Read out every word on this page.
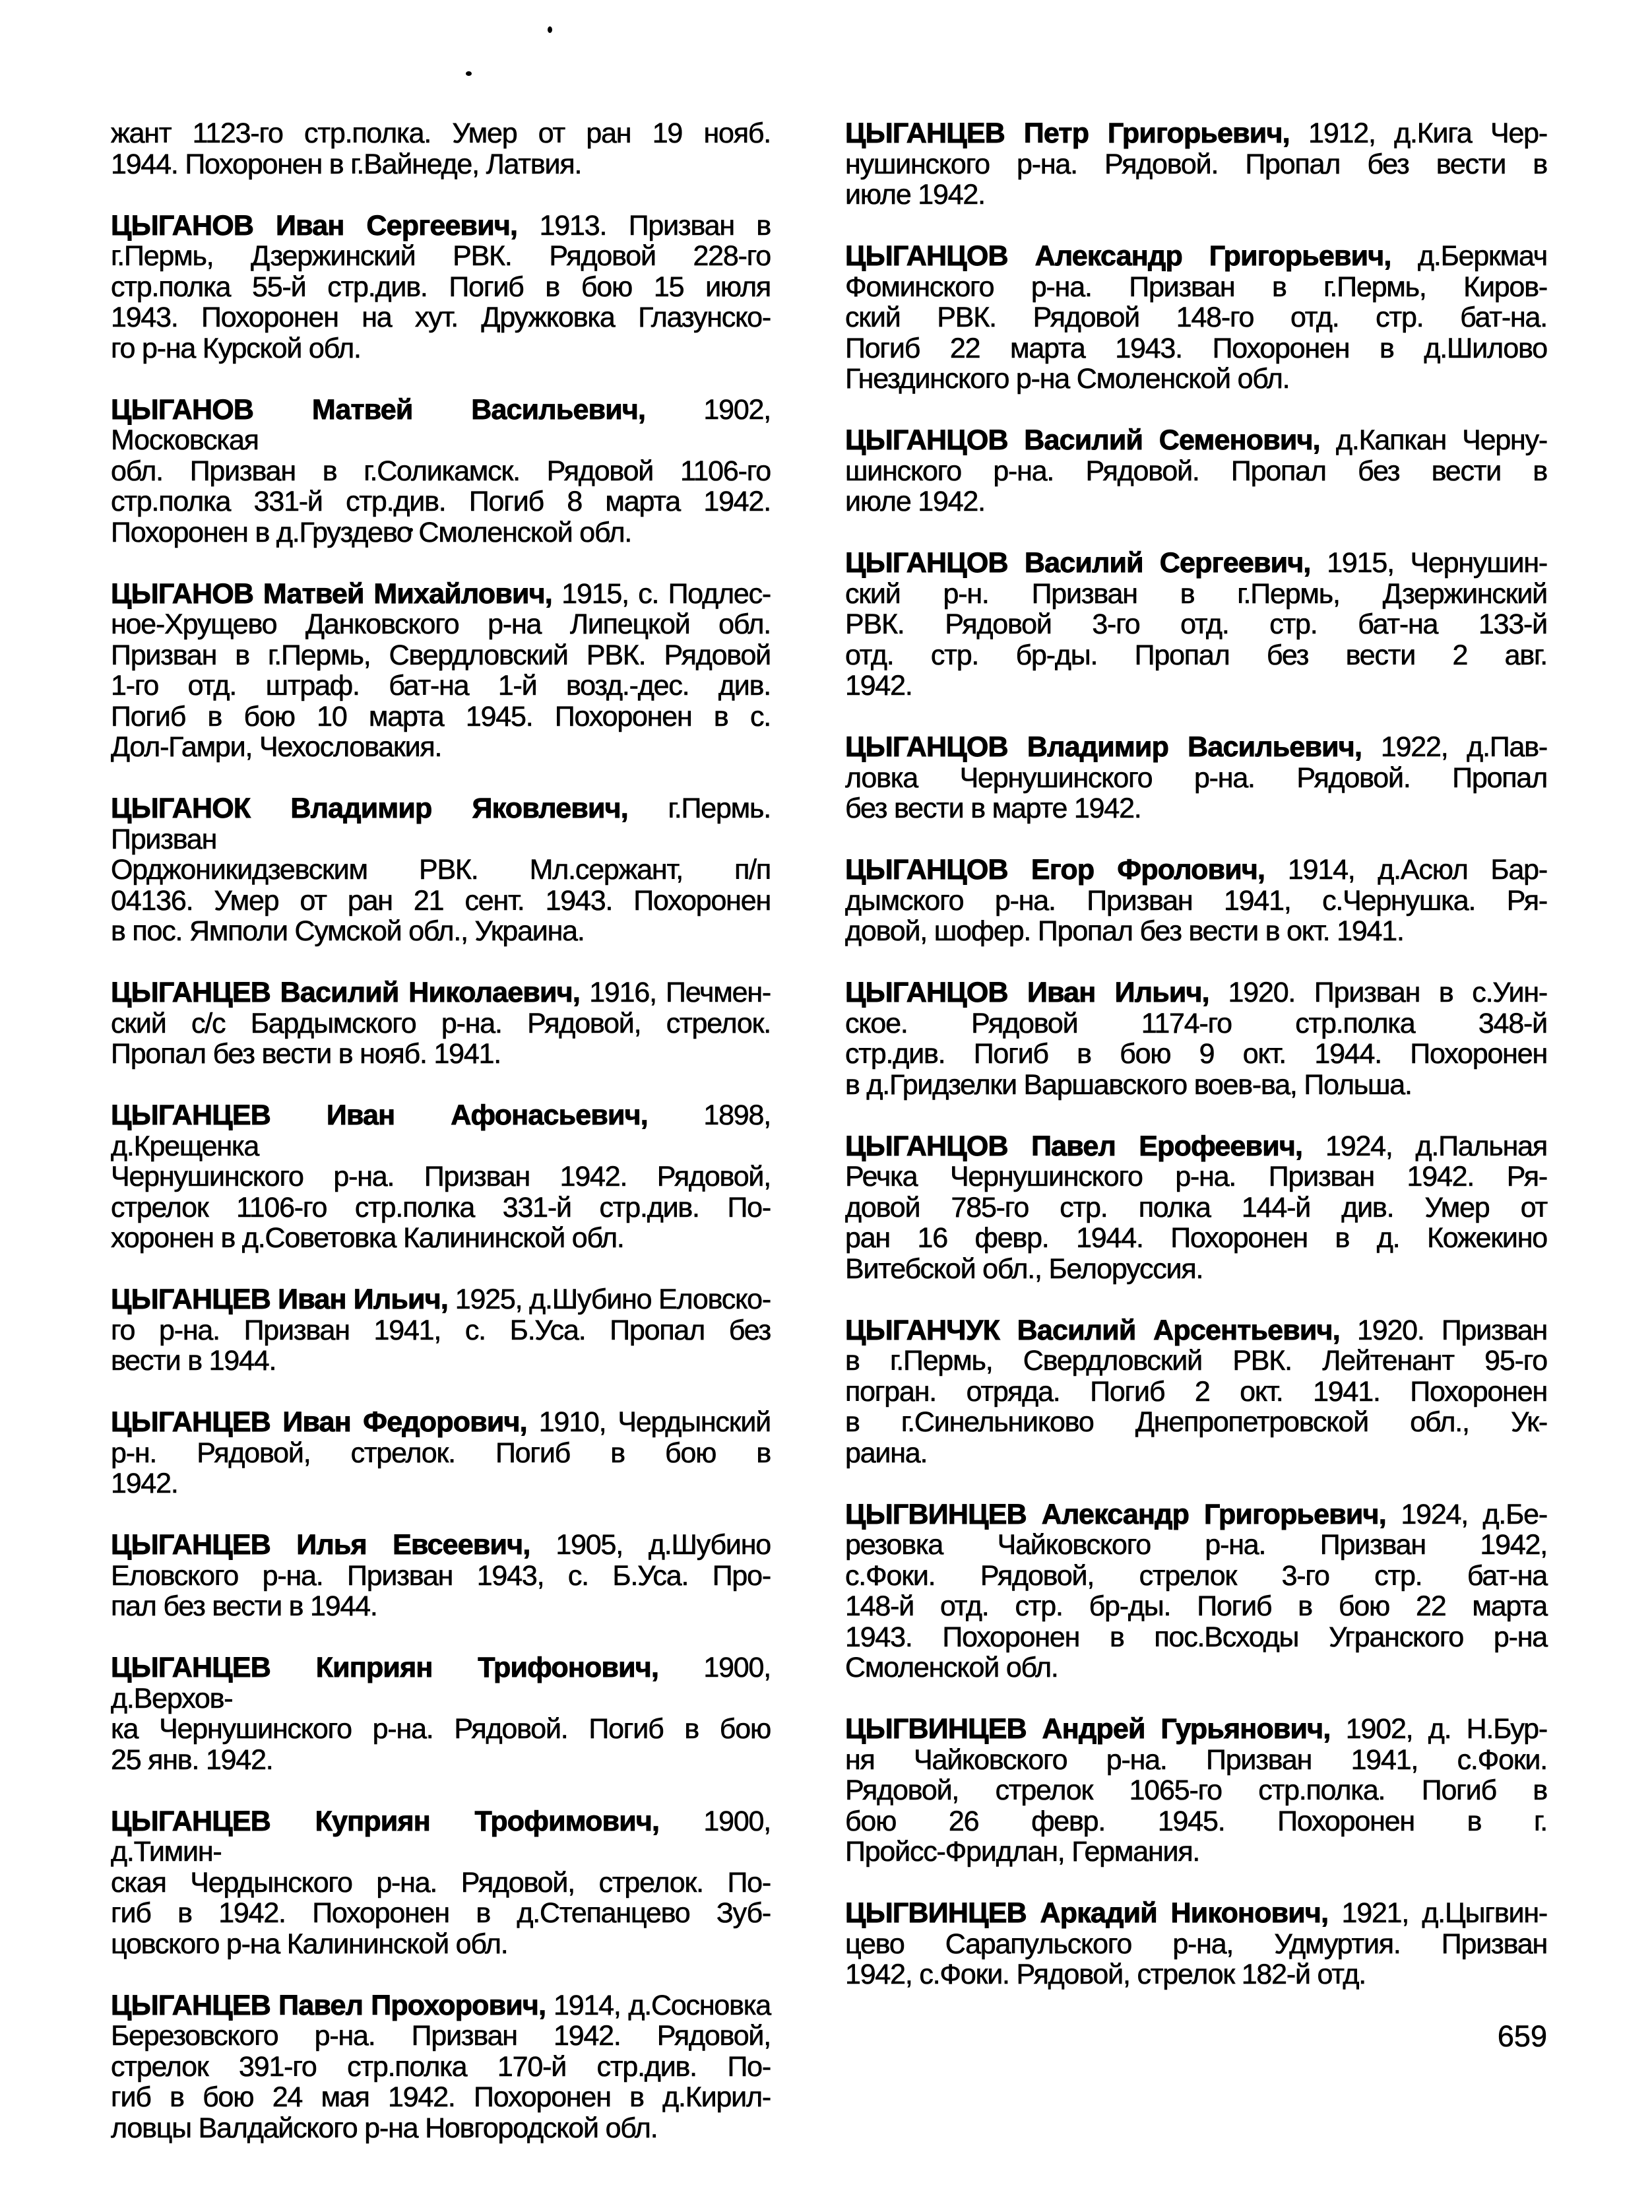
жант 1123-го стр.полка. Умер от ран 19 нояб.
1944. Похоронен в г.Вайнеде, Латвия.
ЦЫГАНОВ Иван Сергеевич, 1913. Призван в
г.Пермь, Дзержинский РВК. Рядовой 228-го
стр.полка 55-й стр.див. Погиб в бою 15 июля
1943. Похоронен на хут. Дружковка Глазунско-
го р-на Курской обл.
ЦЫГАНОВ Матвей Васильевич, 1902, Московская
обл. Призван в г.Соликамск. Рядовой 1106-го
стр.полка 331-й стр.див. Погиб 8 марта 1942.
Похоронен в д.Груздево Смоленской обл.
ЦЫГАНОВ Матвей Михайлович, 1915, с. Подлес-
ное-Хрущево Данковского р-на Липецкой обл.
Призван в г.Пермь, Свердловский РВК. Рядовой
1-го отд. штраф. бат-на 1-й возд.-дес. див.
Погиб в бою 10 марта 1945. Похоронен в с.
Дол-Гамри, Чехословакия.
ЦЫГАНОК Владимир Яковлевич, г.Пермь. Призван
Орджоникидзевским РВК. Мл.сержант, п/п
04136. Умер от ран 21 сент. 1943. Похоронен
в пос. Ямполи Сумской обл., Украина.
ЦЫГАНЦЕВ Василий Николаевич, 1916, Печмен-
ский с/с Бардымского р-на. Рядовой, стрелок.
Пропал без вести в нояб. 1941.
ЦЫГАНЦЕВ Иван Афонасьевич, 1898, д.Крещенка
Чернушинского р-на. Призван 1942. Рядовой,
стрелок 1106-го стр.полка 331-й стр.див. По-
хоронен в д.Советовка Калининской обл.
ЦЫГАНЦЕВ Иван Ильич, 1925, д.Шубино Еловско-
го р-на. Призван 1941, с. Б.Уса. Пропал без
вести в 1944.
ЦЫГАНЦЕВ Иван Федорович, 1910, Чердынский
р-н. Рядовой, стрелок. Погиб в бою в
1942.
ЦЫГАНЦЕВ Илья Евсеевич, 1905, д.Шубино
Еловского р-на. Призван 1943, с. Б.Уса. Про-
пал без вести в 1944.
ЦЫГАНЦЕВ Киприян Трифонович, 1900, д.Верхов-
ка Чернушинского р-на. Рядовой. Погиб в бою
25 янв. 1942.
ЦЫГАНЦЕВ Куприян Трофимович, 1900, д.Тимин-
ская Чердынского р-на. Рядовой, стрелок. По-
гиб в 1942. Похоронен в д.Степанцево Зуб-
цовского р-на Калининской обл.
ЦЫГАНЦЕВ Павел Прохорович, 1914, д.Сосновка
Березовского р-на. Призван 1942. Рядовой,
стрелок 391-го стр.полка 170-й стр.див. По-
гиб в бою 24 мая 1942. Похоронен в д.Кирил-
ловцы Валдайского р-на Новгородской обл.
ЦЫГАНЦЕВ Петр Григорьевич, 1912, д.Кига Чер-
нушинского р-на. Рядовой. Пропал без вести в
июле 1942.
ЦЫГАНЦОВ Александр Григорьевич, д.Беркмач
Фоминского р-на. Призван в г.Пермь, Киров-
ский РВК. Рядовой 148-го отд. стр. бат-на.
Погиб 22 марта 1943. Похоронен в д.Шилово
Гнездинского р-на Смоленской обл.
ЦЫГАНЦОВ Василий Семенович, д.Капкан Черну-
шинского р-на. Рядовой. Пропал без вести в
июле 1942.
ЦЫГАНЦОВ Василий Сергеевич, 1915, Чернушин-
ский р-н. Призван в г.Пермь, Дзержинский
РВК. Рядовой 3-го отд. стр. бат-на 133-й
отд. стр. бр-ды. Пропал без вести 2 авг.
1942.
ЦЫГАНЦОВ Владимир Васильевич, 1922, д.Пав-
ловка Чернушинского р-на. Рядовой. Пропал
без вести в марте 1942.
ЦЫГАНЦОВ Егор Фролович, 1914, д.Асюл Бар-
дымского р-на. Призван 1941, с.Чернушка. Ря-
довой, шофер. Пропал без вести в окт. 1941.
ЦЫГАНЦОВ Иван Ильич, 1920. Призван в с.Уин-
ское. Рядовой 1174-го стр.полка 348-й
стр.див. Погиб в бою 9 окт. 1944. Похоронен
в д.Гридзелки Варшавского воев-ва, Польша.
ЦЫГАНЦОВ Павел Ерофеевич, 1924, д.Пальная
Речка Чернушинского р-на. Призван 1942. Ря-
довой 785-го стр. полка 144-й див. Умер от
ран 16 февр. 1944. Похоронен в д. Кожекино
Витебской обл., Белоруссия.
ЦЫГАНЧУК Василий Арсентьевич, 1920. Призван
в г.Пермь, Свердловский РВК. Лейтенант 95-го
погран. отряда. Погиб 2 окт. 1941. Похоронен
в г.Синельниково Днепропетровской обл., Ук-
раина.
ЦЫГВИНЦЕВ Александр Григорьевич, 1924, д.Бе-
резовка Чайковского р-на. Призван 1942,
с.Фоки. Рядовой, стрелок 3-го стр. бат-на
148-й отд. стр. бр-ды. Погиб в бою 22 марта
1943. Похоронен в пос.Всходы Угранского р-на
Смоленской обл.
ЦЫГВИНЦЕВ Андрей Гурьянович, 1902, д. Н.Бур-
ня Чайковского р-на. Призван 1941, с.Фоки.
Рядовой, стрелок 1065-го стр.полка. Погиб в
бою 26 февр. 1945. Похоронен в г.
Пройсс-Фридлан, Германия.
ЦЫГВИНЦЕВ Аркадий Никонович, 1921, д.Цыгвин-
цево Сарапульского р-на, Удмуртия. Призван
1942, с.Фоки. Рядовой, стрелок 182-й отд.
659
